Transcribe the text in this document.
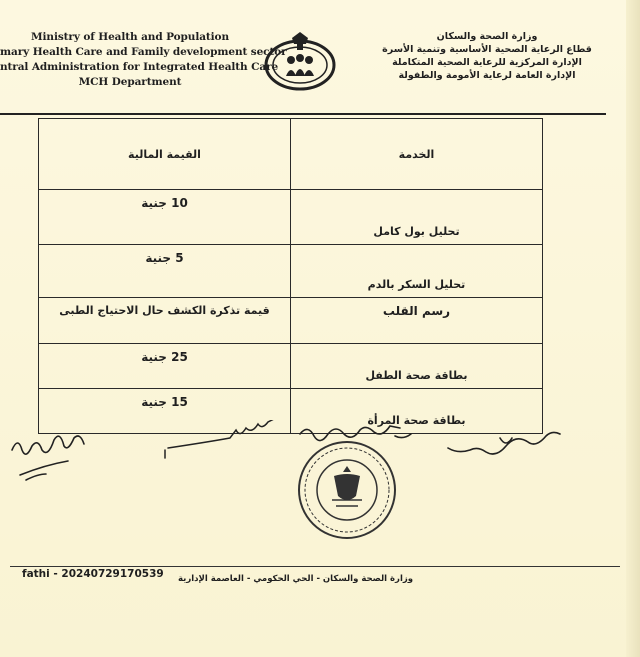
Ministry of Health and Population
mary Health Care and Family development sector
ntral Administration for Integrated Health Care
MCH Department
وزارة الصحة والسكان
قطاع الرعاية الصحية الأساسية وتنمية الأسرة
الإدارة المركزية للرعاية الصحية المتكاملة
الإدارة العامة لرعاية الأمومة والطفولة
الخدمة	القيمة المالية

تحليل بول كامل	10 جنية

تحليل السكر بالدم	5 جنية

رسم القلب	قيمة تذكرة الكشف حال الاحتياج الطبى

بطاقة صحة الطفل	25 جنية

بطاقة صحة المرأة	15 جنية
fathi - 20240729170539 وزارة الصحة والسكان - الحي الحكومي - العاصمة الإدارية
